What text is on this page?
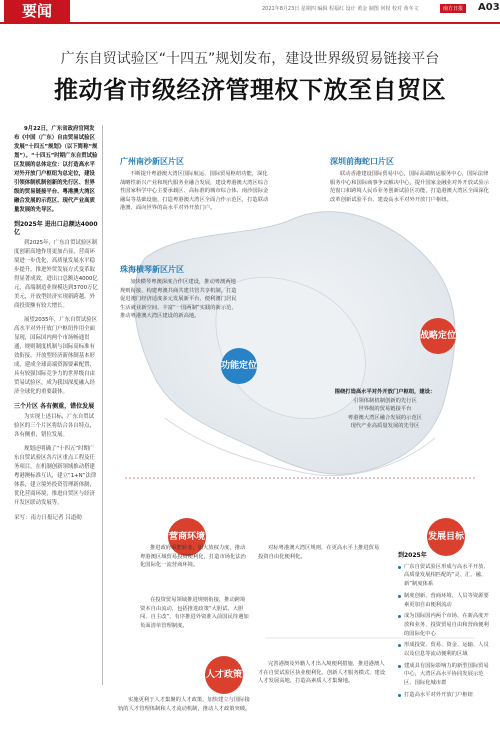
要闻	2021年8月23日 星期四 编辑 程福红 设计 黄金 制图 何权 校对 黄冬文	南方日报	A03
广东自贸试验区“十四五”规划发布，建设世界级贸易链接平台
推动省市级经济管理权下放至自贸区

9月22日，广东省政府官网发布《中国（广东）自由贸易试验区发展“十四五”规划》（以下简称“规划”）。“十四五”时期广东自贸试验区发展的总体定位：以打造高水平对外开放门户枢纽为总定位，建设引领体制机制创新的先行区、世界级的贸易链接平台、粤港澳大湾区融合发展的示范区、现代产业高质量发展的先导区。

到2025年 进出口总额达4000亿

到2025年，广东自贸试验区制度创新高地作用更加凸显，营商环境进一步优化，高质量发展水平稳步提升，推进外贸发展方式变革取得显著成效，进出口总额达4000亿元，高端制造业规模达到3700万亿美元，开放型经济实现新跨越，外商投资额有较大增长。

展望2035年，广东自贸试验区高水平对外开放门户枢纽作用全面显现，国际国内两个市场畅通贯通，规则制度机制与国际高标准有效衔接，开放型经济新体制基本形成，建成全球高端资源要素配置、具有较强国际竞争力的世界级自由贸易试验区，成为我国深度融入经济全球化的重要载体。

三个片区 各有侧重，错位发展

为实现上述目标，广东自贸试验区的三个片区将结合各自特点，各有侧重，错位发展。

规划还明确了“十四五”时期广东自贸试验区各片区重点工程及任务项目，在机制创新领域推动搭建粤港澳标准互认，建立“1+N”法律体系，建立境外投资管理新体制，优化营商环境，推进自贸区与经济开发区联动发展等。

采写：南方日报记者 吕道勋
广州南沙新区片区

不断提升粤港澳大湾区国际航运、国际贸易枢纽功能，深化战略性新兴产业和现代服务业融合发展，建设粤港澳大湾区综合性国家科学中心主要承载区、高标准的城市综合体、南沙国际金融岛等基础设施，打造粤港澳大湾区全面合作示范区，打造联动港澳、面向世界的高水平对外开放门户。

深圳前海蛇口片区

联动香港建设国际贸易中心，国际高端航运服务中心，国际法律服务中心和国际商事争议解决中心，提升国家金融业对外开放试验示范窗口和跨境人民币业务创新试验区功能，打造港澳大湾区全面深化改革创新试验平台、建设高水平对外开放门户枢纽。

珠海横琴新区片区

加快横琴粤澳深度合作区建设，推动粤澳两地规则衔接，构建粤澳共商共建共管共享机制，打造促进澳门经济适度多元发展新平台、便利澳门居民生活就业新空间、丰富“一国两制”实践的新示范、推动粤港澳大湾区建设的新高地。

功能定位
战略定位
围绕打造高水平对外开放门户枢纽，建设：
引领体制机制创新的先行区
世界级的贸易链接平台
粤港澳大湾区融合发展的示范区
现代产业高质量发展的先导区
营商环境	发展目标

推进政府职能转变，加大放权力度，推动粤港澳区域贸易投资便利化，打造市场化法治化国际化一流营商环境。

在投资贸易领域推进规则衔接，推动跨境资本自由流动，包括推进政策“大胆试、大胆闯、自主改”，有序推进外资准入前国民待遇加负面清单管理制度。

对标粤港澳大湾区规则，在更高水平上推进贸易投资自由化便利化。

人才政策

实施更利于人才集聚的人才政策，加快建立与国际接轨的人才管理体制和人才流动机制，推动人才政策突破。

完善港澳及外籍人才出入境便利措施，推进港澳人才在自贸试验区执业便利化，创新人才服务模式，建设人才发展高地，打造高素质人才集聚地。

到2025年
广东自贸试验区形成与高水平开放、高质量发展相匹配的“灵、汇、融、新”制度体系
制度创新、营商环境、人员等资源要素更加自由便利流动
成为国际国内两个市场、在新高度开放和业务、投资贸易自由和营商便利的国际化中心
形成投资、贸易、资金、运输、人员以及信息等流动便利的区域
建成具有国际影响力的新型国际贸易中心，大湾区高水平协同发展示范区、国际化城市群
打造高水平对外开放门户枢纽
